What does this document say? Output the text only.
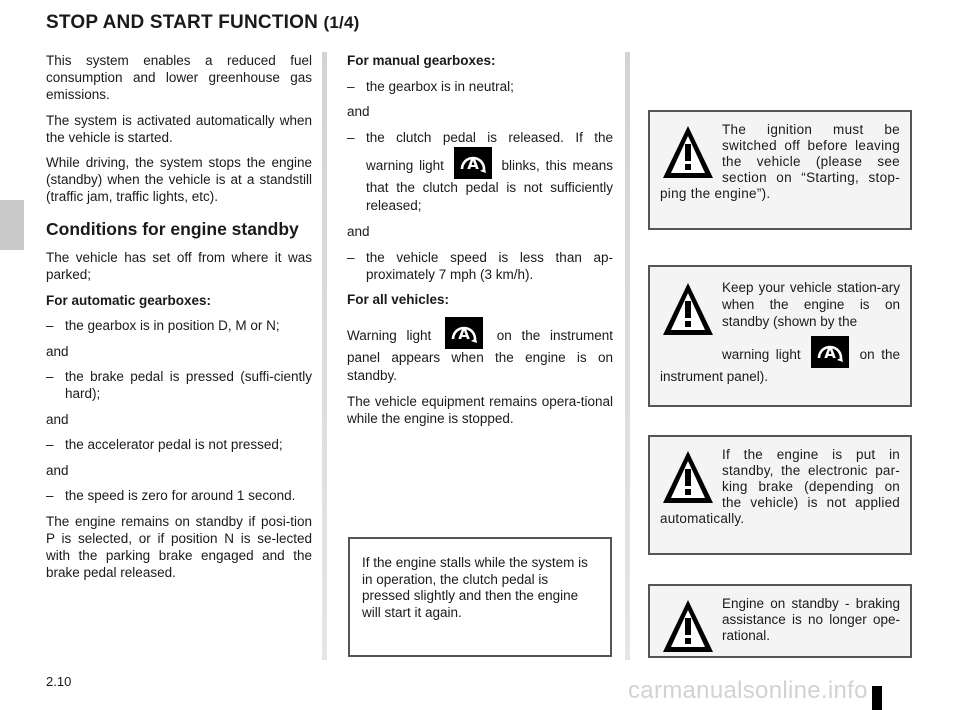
STOP AND START FUNCTION (1/4)

This system enables a reduced fuel consumption and lower greenhouse gas emissions.

The system is activated automatically when the vehicle is started.

While driving, the system stops the engine (standby) when the vehicle is at a standstill (traffic jam, traffic lights, etc).

Conditions for engine standby

The vehicle has set off from where it was parked;

For automatic gearboxes:

– the gearbox is in position D, M or N;

and

– the brake pedal is pressed (suffi-ciently hard);

and

– the accelerator pedal is not pressed;

and

– the speed is zero for around 1 second.

The engine remains on standby if posi-tion P is selected, or if position N is se-lected with the parking brake engaged and the brake pedal released.

For manual gearboxes:

– the gearbox is in neutral;

and

– the clutch pedal is released. If the warning light A blinks, this means that the clutch pedal is not sufficiently released;

and

– the vehicle speed is less than ap-proximately 7 mph (3 km/h).

For all vehicles:

Warning light A on the instrument panel appears when the engine is on standby.

The vehicle equipment remains opera-tional while the engine is stopped.

If the engine stalls while the system is in operation, the clutch pedal is pressed slightly and then the engine will start it again.
The ignition must be switched off before leaving the vehicle (please see section on “Starting, stop-ping the engine”).
Keep your vehicle station-ary when the engine is on standby (shown by the
warning light A on the instrument panel).
If the engine is put in standby, the electronic par-king brake (depending on the vehicle) is not applied automatically.
Engine on standby - braking assistance is no longer ope-rational.
2.10	carmanualsonline.info
